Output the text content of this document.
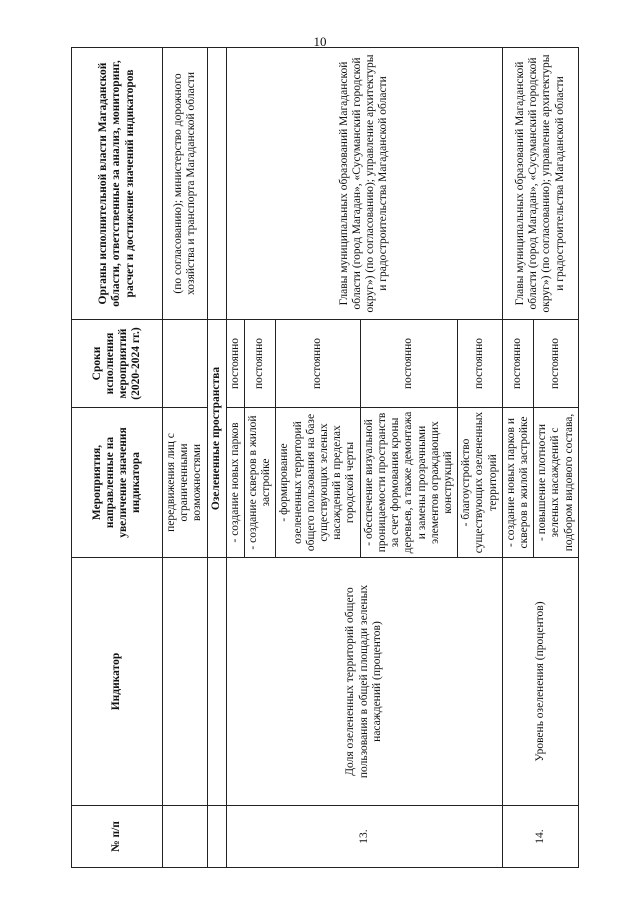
10
№ п/п	Индикатор	Мероприятия, направленные на увеличение значения индикатора	Сроки исполнения мероприятий (2020-2024 гг.)	Органы исполнительной власти Магаданской области, ответственные за анализ, мониторинг, расчет и достижение значений индикаторов
		передвижения лиц с ограниченными возможностями		(по согласованию); министерство дорожного хозяйства и транспорта Магаданской области
		Озелененные пространства		
13.	Доля озелененных территорий общего пользования в общей площади зеленых насаждений (процентов)	- создание новых парков	постоянно	Главы муниципальных образований Магаданской области (город Магадан», «Сусуманский городской округ») (по согласованию); управление архитектуры и градостроительства Магаданской области
		- создание скверов в жилой застройке	постоянно	
		- формирование озелененных территорий общего пользования на базе существующих зеленых насаждений в пределах городской черты	постоянно	
		- обеспечение визуальной проницаемости пространств за счет формования кроны деревьев, а также демонтажа и замены прозрачными элементов ограждающих конструкций	постоянно	
		- благоустройство существующих озелененных территорий	постоянно	
14.	Уровень озеленения (процентов)	- создание новых парков и скверов в жилой застройке	постоянно	Главы муниципальных образований Магаданской области (город Магадан», «Сусуманский городской округ») (по согласованию); управление архитектуры и градостроительства Магаданской области
		- повышение плотности зеленых насаждений с подбором видового состава,	постоянно	
